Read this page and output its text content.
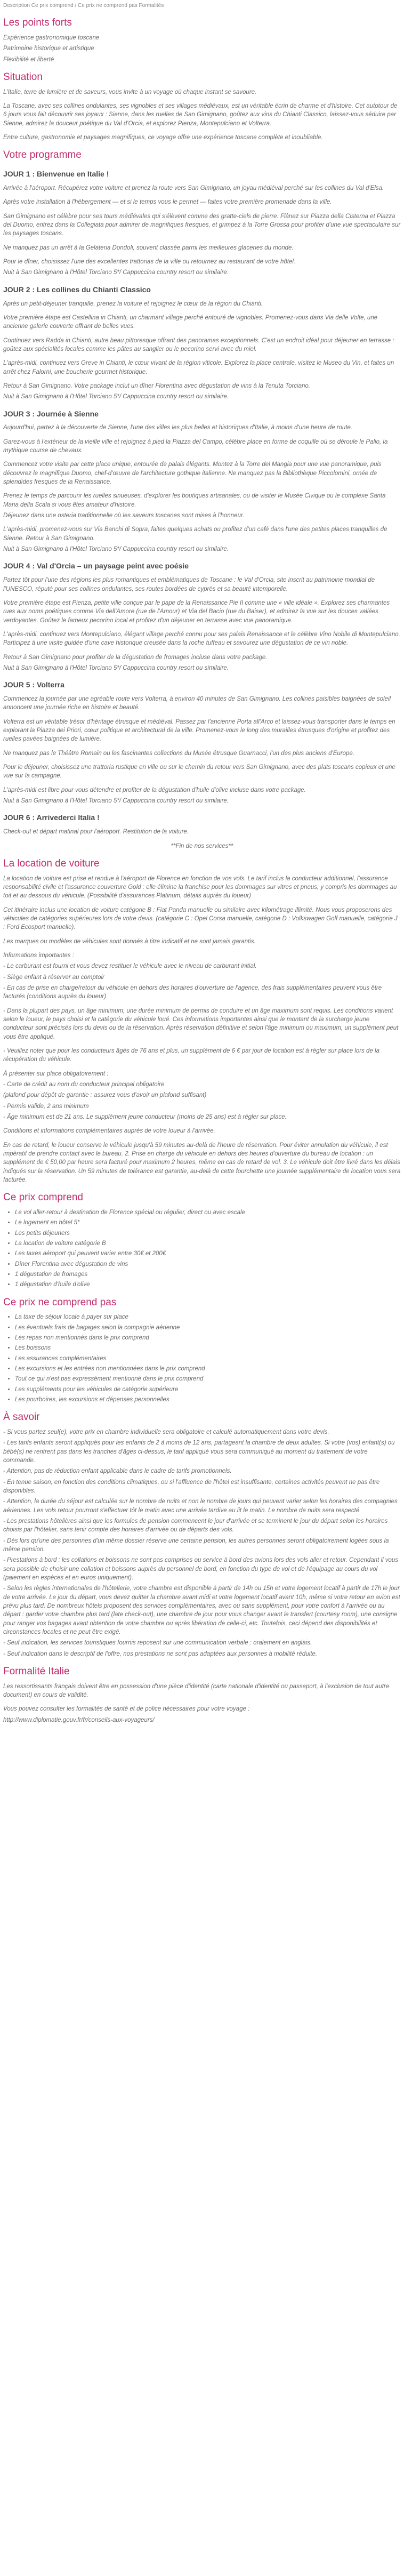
Description Ce prix comprend / Ce prix ne comprend pas Formalités
Les points forts

Expérience gastronomique toscane

Patrimoine historique et artistique

Flexibilité et liberté

Situation

L'Italie, terre de lumière et de saveurs, vous invite à un voyage où chaque instant se savoure.

La Toscane, avec ses collines ondulantes, ses vignobles et ses villages médiévaux, est un véritable écrin de charme et d'histoire. Cet autotour de 6 jours vous fait découvrir ses joyaux : Sienne, dans les ruelles de San Gimignano, goûtez aux vins du Chianti Classico, laissez-vous séduire par Sienne, admirez la douceur poétique du Val d'Orcia, et explorez Pienza, Montepulciano et Volterra.

Entre culture, gastronomie et paysages magnifiques, ce voyage offre une expérience toscane complète et inoubliable.

Votre programme
JOUR 1 : Bienvenue en Italie !

Arrivée à l'aéroport. Récupérez votre voiture et prenez la route vers San Gimignano, un joyau médiéval perché sur les collines du Val d'Elsa.

Après votre installation à l'hébergement — et si le temps vous le permet — faites votre première promenade dans la ville.

San Gimignano est célèbre pour ses tours médiévales qui s'élèvent comme des gratte-ciels de pierre. Flânez sur Piazza della Cisterna et Piazza del Duomo, entrez dans la Collegiata pour admirer de magnifiques fresques, et grimpez à la Torre Grossa pour profiter d'une vue spectaculaire sur les paysages toscans.

Ne manquez pas un arrêt à la Gelateria Dondoli, souvent classée parmi les meilleures glaceries du monde.

Pour le dîner, choisissez l'une des excellentes trattorias de la ville ou retournez au restaurant de votre hôtel.

Nuit à San Gimignano à l'Hôtel Torciano 5*/ Cappuccina country resort ou similaire.

JOUR 2 : Les collines du Chianti Classico

Après un petit-déjeuner tranquille, prenez la voiture et rejoignez le cœur de la région du Chianti.

Votre première étape est Castellina in Chianti, un charmant village perché entouré de vignobles. Promenez-vous dans Via delle Volte, une ancienne galerie couverte offrant de belles vues.

Continuez vers Radda in Chianti, autre beau pittoresque offrant des panoramas exceptionnels. C'est un endroit idéal pour déjeuner en terrasse : goûtez aux spécialités locales comme les pâtes au sanglier ou le pecorino servi avec du miel.

L'après-midi, continuez vers Greve in Chianti, le cœur vivant de la région viticole. Explorez la place centrale, visitez le Museo du Vin, et faites un arrêt chez Falorni, une boucherie gourmet historique.

Retour à San Gimignano. Votre package inclut un dîner Florentina avec dégustation de vins à la Tenuta Torciano.

Nuit à San Gimignano à l'Hôtel Torciano 5*/ Cappuccina country resort ou similaire.

JOUR 3 : Journée à Sienne

Aujourd'hui, partez à la découverte de Sienne, l'une des villes les plus belles et historiques d'Italie, à moins d'une heure de route.

Garez-vous à l'extérieur de la vieille ville et rejoignez à pied la Piazza del Campo, célèbre place en forme de coquille où se déroule le Palio, la mythique course de chevaux.

Commencez votre visite par cette place unique, entourée de palais élégants. Montez à la Torre del Mangia pour une vue panoramique, puis découvrez le magnifique Duomo, chef-d'œuvre de l'architecture gothique italienne. Ne manquez pas la Bibliothèque Piccolomini, ornée de splendides fresques de la Renaissance.

Prenez le temps de parcourir les ruelles sinueuses, d'explorer les boutiques artisanales, ou de visiter le Musée Civique ou le complexe Santa Maria della Scala si vous êtes amateur d'histoire.

Déjeunez dans une osteria traditionnelle où les saveurs toscanes sont mises à l'honneur.

L'après-midi, promenez-vous sur Via Banchi di Sopra, faites quelques achats ou profitez d'un café dans l'une des petites places tranquilles de Sienne. Retour à San Gimignano.

Nuit à San Gimignano à l'Hôtel Torciano 5*/ Cappuccina country resort ou similaire.

JOUR 4 : Val d'Orcia – un paysage peint avec poésie

Partez tôt pour l'une des régions les plus romantiques et emblématiques de Toscane : le Val d'Orcia, site inscrit au patrimoine mondial de l'UNESCO, réputé pour ses collines ondulantes, ses routes bordées de cyprès et sa beauté intemporelle.

Votre première étape est Pienza, petite ville conçue par le pape de la Renaissance Pie II comme une « ville idéale ». Explorez ses charmantes rues aux noms poétiques comme Via dell'Amore (rue de l'Amour) et Via del Bacio (rue du Baiser), et admirez la vue sur les douces vallées verdoyantes. Goûtez le fameux pecorino local et profitez d'un déjeuner en terrasse avec vue panoramique.

L'après-midi, continuez vers Montepulciano, élégant village perché connu pour ses palais Renaissance et le célèbre Vino Nobile di Montepulciano. Participez à une visite guidée d'une cave historique creusée dans la roche tuffeau et savourez une dégustation de ce vin noble.

Retour à San Gimignano pour profiter de la dégustation de fromages incluse dans votre package.

Nuit à San Gimignano à l'Hôtel Torciano 5*/ Cappuccina country resort ou similaire.

JOUR 5 : Volterra

Commencez la journée par une agréable route vers Volterra, à environ 40 minutes de San Gimignano. Les collines paisibles baignées de soleil annoncent une journée riche en histoire et beauté.

Volterra est un véritable trésor d'héritage étrusque et médiéval. Passez par l'ancienne Porta all'Arco et laissez-vous transporter dans le temps en explorant la Piazza dei Priori, cœur politique et architectural de la ville. Promenez-vous le long des murailles étrusques d'origine et profitez des ruelles pavées baignées de lumière.

Ne manquez pas le Théâtre Romain ou les fascinantes collections du Musée étrusque Guarnacci, l'un des plus anciens d'Europe.

Pour le déjeuner, choisissez une trattoria rustique en ville ou sur le chemin du retour vers San Gimignano, avec des plats toscans copieux et une vue sur la campagne.

L'après-midi est libre pour vous détendre et profiter de la dégustation d'huile d'olive incluse dans votre package.

Nuit à San Gimignano à l'Hôtel Torciano 5*/ Cappuccina country resort ou similaire.

JOUR 6 : Arrivederci Italia !

Check-out et départ matinal pour l'aéroport. Restitution de la voiture.

**Fin de nos services**

La location de voiture

La location de voiture est prise et rendue à l'aéroport de Florence en fonction de vos vols. Le tarif inclus la conducteur additionnel, l'assurance responsabilité civile et l'assurance couverture Gold : elle élimine la franchise pour les dommages sur vitres et pneus, y compris les dommages au toit et au dessous du véhicule. (Possibilité d'assurances Platinum, détails auprès du loueur)

Cet itinéraire inclus une location de voiture catégorie B : Fiat Panda manuelle ou similaire avec kilométrage illimité. Nous vous proposerons des véhicules de catégories supérieures lors de votre devis. (catégorie C : Opel Corsa manuelle, catégorie D : Volkswagen Golf manuelle, catégorie J : Ford Ecosport manuelle).

Les marques ou modèles de véhicules sont donnés à titre indicatif et ne sont jamais garantis.

Informations importantes :

- Le carburant est fourni et vous devez restituer le véhicule avec le niveau de carburant initial.

- Siège enfant à réserver au comptoir

- En cas de prise en charge/retour du véhicule en dehors des horaires d'ouverture de l'agence, des frais supplémentaires peuvent vous être facturés (conditions auprès du loueur)

- Dans la plupart des pays, un âge minimum, une durée minimum de permis de conduire et un âge maximum sont requis. Les conditions varient selon le loueur, le pays choisi et la catégorie du véhicule loué. Ces informations importantes ainsi que le montant de la surcharge jeune conducteur sont précisés lors du devis ou de la réservation. Après réservation définitive et selon l'âge minimum ou maximum, un supplément peut vous être appliqué.

- Veuillez noter que pour les conducteurs âgés de 76 ans et plus, un supplément de 6 € par jour de location est à régler sur place lors de la récupération du véhicule.

À présenter sur place obligatoirement :

- Carte de crédit au nom du conducteur principal obligatoire

(plafond pour dépôt de garantie : assurez vous d'avoir un plafond suffisant)

- Permis valide, 2 ans minimum

- Âge minimum est de 21 ans. Le supplément jeune conducteur (moins de 25 ans) est à régler sur place.

Conditions et informations complémentaires auprès de votre loueur à l'arrivée.

En cas de retard, le loueur conserve le véhicule jusqu'à 59 minutes au-delà de l'heure de réservation. Pour éviter annulation du véhicule, il est impératif de prendre contact avec le bureau. 2. Prise en charge du véhicule en dehors des heures d'ouverture du bureau de location : un supplément de € 50,00 par heure sera facturé pour maximum 2 heures, même en cas de retard de vol. 3. Le véhicule doit être livré dans les délais indiqués sur la réservation. Un 59 minutes de tolérance est garantie, au-delà de cette fourchette une journée supplémentaire de location vous sera facturée.

Ce prix comprend
• Le vol aller-retour à destination de Florence spécial ou régulier, direct ou avec escale
• Le logement en hôtel 5*
• Les petits déjeuners
• La location de voiture catégorie B
• Les taxes aéroport qui peuvent varier entre 30€ et 200€
• Dîner Florentina avec dégustation de vins
• 1 dégustation de fromages
• 1 dégustation d'huile d'olive
Ce prix ne comprend pas
• La taxe de séjour locale à payer sur place
• Les éventuels frais de bagages selon la compagnie aérienne
• Les repas non mentionnés dans le prix comprend
• Les boissons
• Les assurances complémentaires
• Les excursions et les entrées non mentionnées dans le prix comprend
• Tout ce qui n'est pas expressément mentionné dans le prix comprend
• Les suppléments pour les véhicules de catégorie supérieure
• Les pourboires, les excursions et dépenses personnelles
À savoir

- Si vous partez seul(e), votre prix en chambre individuelle sera obligatoire et calculé automatiquement dans votre devis.

- Les tarifs enfants seront appliqués pour les enfants de 2 à moins de 12 ans, partageant la chambre de deux adultes. Si votre (vos) enfant(s) ou bébé(s) ne rentrent pas dans les tranches d'âges ci-dessus, le tarif appliqué vous sera communiqué au moment du traitement de votre commande.

- Attention, pas de réduction enfant applicable dans le cadre de tarifs promotionnels.

- En tenue saison, en fonction des conditions climatiques, ou si l'affluence de l'hôtel est insuffisante, certaines activités peuvent ne pas être disponibles.

- Attention, la durée du séjour est calculée sur le nombre de nuits et non le nombre de jours qui peuvent varier selon les horaires des compagnies aériennes. Les vols retour pourront s'effectuer tôt le matin avec une arrivée tardive au lit le matin. Le nombre de nuits sera respecté.

- Les prestations hôtelières ainsi que les formules de pension commencent le jour d'arrivée et se terminent le jour du départ selon les horaires choisis par l'hôtelier, sans tenir compte des horaires d'arrivée ou de départs des vols.

- Dès lors qu'une des personnes d'un même dossier réserve une certaine pension, les autres personnes seront obligatoirement logées sous la même pension.

- Prestations à bord : les collations et boissons ne sont pas comprises ou service à bord des avions lors des vols aller et retour. Cependant il vous sera possible de choisir une collation et boissons auprès du personnel de bord, en fonction du type de vol et de l'équipage au cours du vol (paiement en espèces et en euros uniquement).

- Selon les règles internationales de l'hôtellerie, votre chambre est disponible à partir de 14h ou 15h et votre logement locatif à partir de 17h le jour de votre arrivée. Le jour du départ, vous devez quitter la chambre avant midi et votre logement locatif avant 10h, même si votre retour en avion est prévu plus tard. De nombreux hôtels proposent des services complémentaires, avec ou sans supplément, pour votre confort à l'arrivée ou au départ : garder votre chambre plus tard (late check-out), une chambre de jour pour vous changer avant le transfert (courtesy room), une consigne pour ranger vos bagages avant obtention de votre chambre ou après libération de celle-ci, etc. Toutefois, ceci dépend des disponibilités et circonstances locales et ne peut être exigé.

- Seuf indication, les services touristiques fournis reposent sur une communication verbale : oralement en anglais.

- Seuf indication dans le descriptif de l'offre, nos prestations ne sont pas adaptées aux personnes à mobilité réduite.

Formalité Italie

Les ressortissants français doivent être en possession d'une pièce d'identité (carte nationale d'identité ou passeport, à l'exclusion de tout autre document) en cours de validité.

Vous pouvez consulter les formalités de santé et de police nécessaires pour votre voyage :

http://www.diplomatie.gouv.fr/fr/conseils-aux-voyageurs/
